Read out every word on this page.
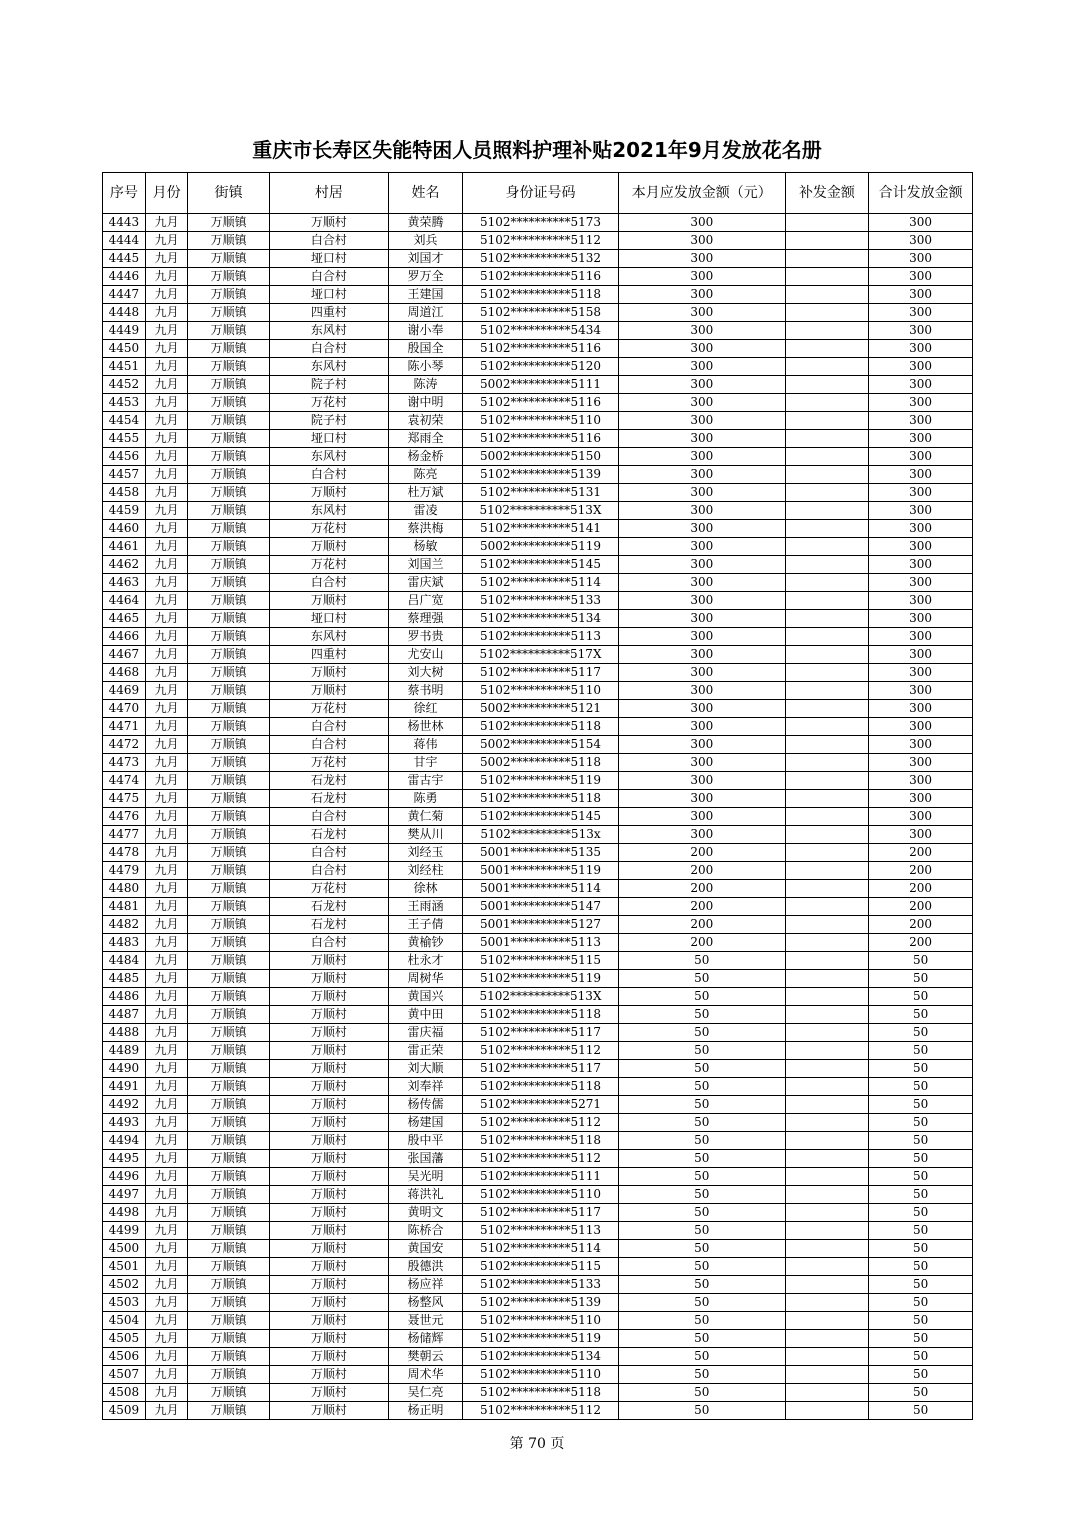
重庆市长寿区失能特困人员照料护理补贴2021年9月发放花名册
序号	月份	街镇	村居	姓名	身份证号码	本月应发放金额（元）	补发金额	合计发放金额
4443	九月	万顺镇	万顺村	黄荣腾	5102**********5173	300		300
4444	九月	万顺镇	白合村	刘兵	5102**********5112	300		300
4445	九月	万顺镇	垭口村	刘国才	5102**********5132	300		300
4446	九月	万顺镇	白合村	罗万全	5102**********5116	300		300
4447	九月	万顺镇	垭口村	王建国	5102**********5118	300		300
4448	九月	万顺镇	四重村	周道江	5102**********5158	300		300
4449	九月	万顺镇	东风村	谢小奉	5102**********5434	300		300
4450	九月	万顺镇	白合村	殷国全	5102**********5116	300		300
4451	九月	万顺镇	东风村	陈小琴	5102**********5120	300		300
4452	九月	万顺镇	院子村	陈涛	5002**********5111	300		300
4453	九月	万顺镇	万花村	谢中明	5102**********5116	300		300
4454	九月	万顺镇	院子村	袁初荣	5102**********5110	300		300
4455	九月	万顺镇	垭口村	郑雨全	5102**********5116	300		300
4456	九月	万顺镇	东风村	杨金桥	5002**********5150	300		300
4457	九月	万顺镇	白合村	陈亮	5102**********5139	300		300
4458	九月	万顺镇	万顺村	杜万斌	5102**********5131	300		300
4459	九月	万顺镇	东风村	雷凌	5102**********513X	300		300
4460	九月	万顺镇	万花村	蔡洪梅	5102**********5141	300		300
4461	九月	万顺镇	万顺村	杨敏	5002**********5119	300		300
4462	九月	万顺镇	万花村	刘国兰	5102**********5145	300		300
4463	九月	万顺镇	白合村	雷庆斌	5102**********5114	300		300
4464	九月	万顺镇	万顺村	吕广宽	5102**********5133	300		300
4465	九月	万顺镇	垭口村	蔡理强	5102**********5134	300		300
4466	九月	万顺镇	东风村	罗书贵	5102**********5113	300		300
4467	九月	万顺镇	四重村	尤安山	5102**********517X	300		300
4468	九月	万顺镇	万顺村	刘大树	5102**********5117	300		300
4469	九月	万顺镇	万顺村	蔡书明	5102**********5110	300		300
4470	九月	万顺镇	万花村	徐红	5002**********5121	300		300
4471	九月	万顺镇	白合村	杨世林	5102**********5118	300		300
4472	九月	万顺镇	白合村	蒋伟	5002**********5154	300		300
4473	九月	万顺镇	万花村	甘宇	5002**********5118	300		300
4474	九月	万顺镇	石龙村	雷古宇	5102**********5119	300		300
4475	九月	万顺镇	石龙村	陈勇	5102**********5118	300		300
4476	九月	万顺镇	白合村	黄仁菊	5102**********5145	300		300
4477	九月	万顺镇	石龙村	樊从川	5102**********513x	300		300
4478	九月	万顺镇	白合村	刘经玉	5001**********5135	200		200
4479	九月	万顺镇	白合村	刘经柱	5001**********5119	200		200
4480	九月	万顺镇	万花村	徐林	5001**********5114	200		200
4481	九月	万顺镇	石龙村	王雨涵	5001**********5147	200		200
4482	九月	万顺镇	石龙村	王子倩	5001**********5127	200		200
4483	九月	万顺镇	白合村	黄榆钞	5001**********5113	200		200
4484	九月	万顺镇	万顺村	杜永才	5102**********5115	50		50
4485	九月	万顺镇	万顺村	周树华	5102**********5119	50		50
4486	九月	万顺镇	万顺村	黄国兴	5102**********513X	50		50
4487	九月	万顺镇	万顺村	黄中田	5102**********5118	50		50
4488	九月	万顺镇	万顺村	雷庆福	5102**********5117	50		50
4489	九月	万顺镇	万顺村	雷正荣	5102**********5112	50		50
4490	九月	万顺镇	万顺村	刘大顺	5102**********5117	50		50
4491	九月	万顺镇	万顺村	刘奉祥	5102**********5118	50		50
4492	九月	万顺镇	万顺村	杨传儒	5102**********5271	50		50
4493	九月	万顺镇	万顺村	杨建国	5102**********5112	50		50
4494	九月	万顺镇	万顺村	殷中平	5102**********5118	50		50
4495	九月	万顺镇	万顺村	张国藩	5102**********5112	50		50
4496	九月	万顺镇	万顺村	吴光明	5102**********5111	50		50
4497	九月	万顺镇	万顺村	蒋洪礼	5102**********5110	50		50
4498	九月	万顺镇	万顺村	黄明文	5102**********5117	50		50
4499	九月	万顺镇	万顺村	陈桥合	5102**********5113	50		50
4500	九月	万顺镇	万顺村	黄国安	5102**********5114	50		50
4501	九月	万顺镇	万顺村	殷德洪	5102**********5115	50		50
4502	九月	万顺镇	万顺村	杨应祥	5102**********5133	50		50
4503	九月	万顺镇	万顺村	杨整风	5102**********5139	50		50
4504	九月	万顺镇	万顺村	聂世元	5102**********5110	50		50
4505	九月	万顺镇	万顺村	杨储辉	5102**********5119	50		50
4506	九月	万顺镇	万顺村	樊朝云	5102**********5134	50		50
4507	九月	万顺镇	万顺村	周术华	5102**********5110	50		50
4508	九月	万顺镇	万顺村	吴仁亮	5102**********5118	50		50
4509	九月	万顺镇	万顺村	杨正明	5102**********5112	50		50
第 70 页
